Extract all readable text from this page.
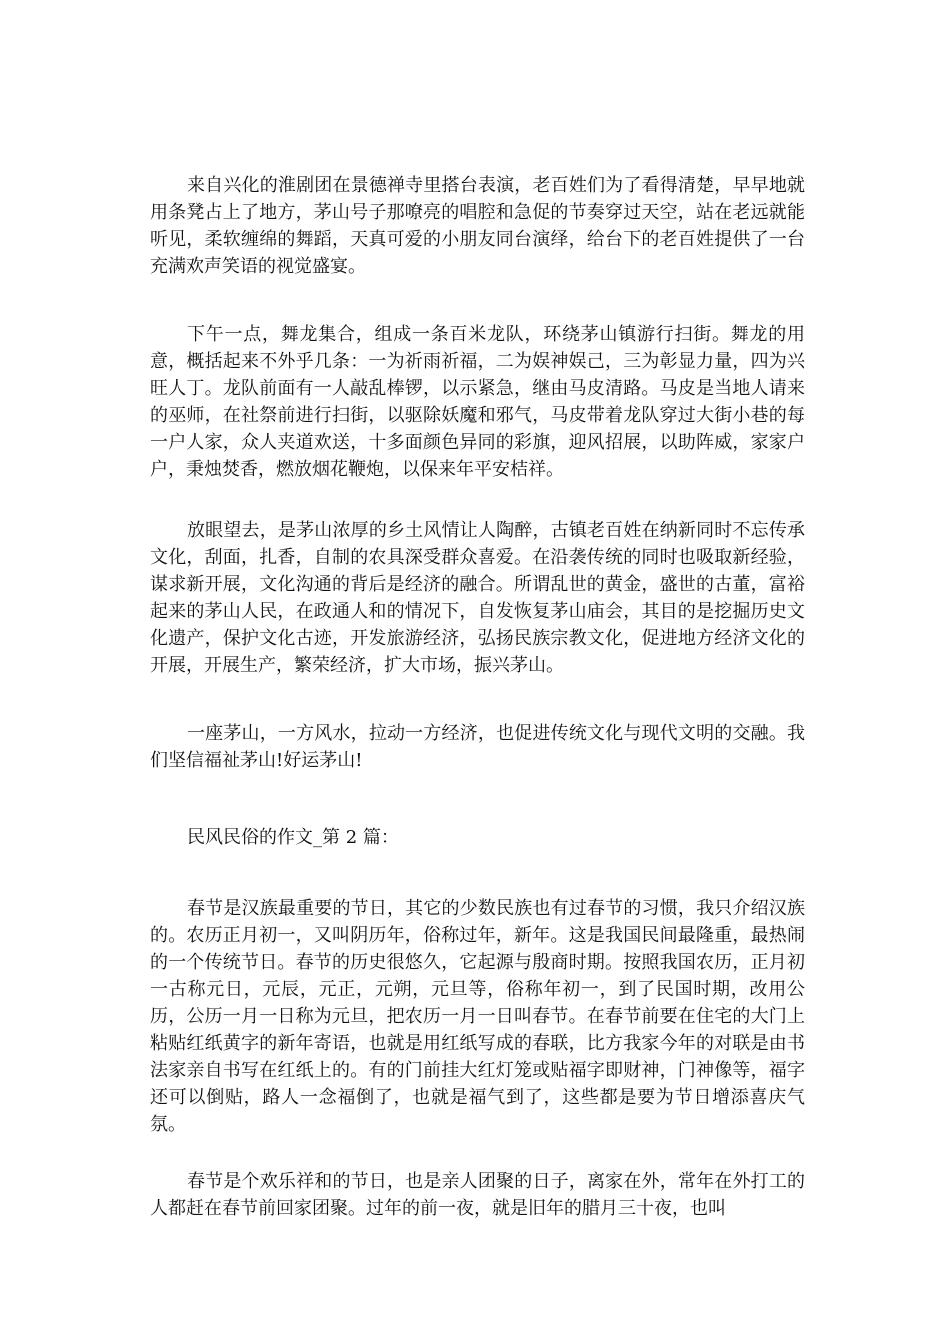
来自兴化的淮剧团在景德禅寺里搭台表演，老百姓们为了看得清楚，早早地就用条凳占上了地方，茅山号子那嘹亮的唱腔和急促的节奏穿过天空，站在老远就能听见，柔软缠绵的舞蹈，天真可爱的小朋友同台演绎，给台下的老百姓提供了一台充满欢声笑语的视觉盛宴。

下午一点，舞龙集合，组成一条百米龙队，环绕茅山镇游行扫街。舞龙的用意，概括起来不外乎几条：一为祈雨祈福，二为娱神娱己，三为彰显力量，四为兴旺人丁。龙队前面有一人敲乱棒锣，以示紧急，继由马皮清路。马皮是当地人请来的巫师，在社祭前进行扫街，以驱除妖魔和邪气，马皮带着龙队穿过大街小巷的每一户人家，众人夹道欢送，十多面颜色异同的彩旗，迎风招展，以助阵威，家家户户，秉烛焚香，燃放烟花鞭炮，以保来年平安桔祥。

放眼望去，是茅山浓厚的乡土风情让人陶醉，古镇老百姓在纳新同时不忘传承文化，刮面，扎香，自制的农具深受群众喜爱。在沿袭传统的同时也吸取新经验，谋求新开展，文化沟通的背后是经济的融合。所谓乱世的黄金，盛世的古董，富裕起来的茅山人民，在政通人和的情况下，自发恢复茅山庙会，其目的是挖掘历史文化遗产，保护文化古迹，开发旅游经济，弘扬民族宗教文化，促进地方经济文化的开展，开展生产，繁荣经济，扩大市场，振兴茅山。

一座茅山，一方风水，拉动一方经济，也促进传统文化与现代文明的交融。我们坚信福祉茅山!好运茅山!

民风民俗的作文_第 2 篇：

春节是汉族最重要的节日，其它的少数民族也有过春节的习惯，我只介绍汉族的。农历正月初一，又叫阴历年，俗称过年，新年。这是我国民间最隆重，最热闹的一个传统节日。春节的历史很悠久，它起源与殷商时期。按照我国农历，正月初一古称元日，元辰，元正，元朔，元旦等，俗称年初一，到了民国时期，改用公历，公历一月一日称为元旦，把农历一月一日叫春节。在春节前要在住宅的大门上粘贴红纸黄字的新年寄语，也就是用红纸写成的春联，比方我家今年的对联是由书法家亲自书写在红纸上的。有的门前挂大红灯笼或贴福字即财神，门神像等，福字还可以倒贴，路人一念福倒了，也就是福气到了，这些都是要为节日增添喜庆气氛。

春节是个欢乐祥和的节日，也是亲人团聚的日子，离家在外，常年在外打工的人都赶在春节前回家团聚。过年的前一夜，就是旧年的腊月三十夜，也叫
